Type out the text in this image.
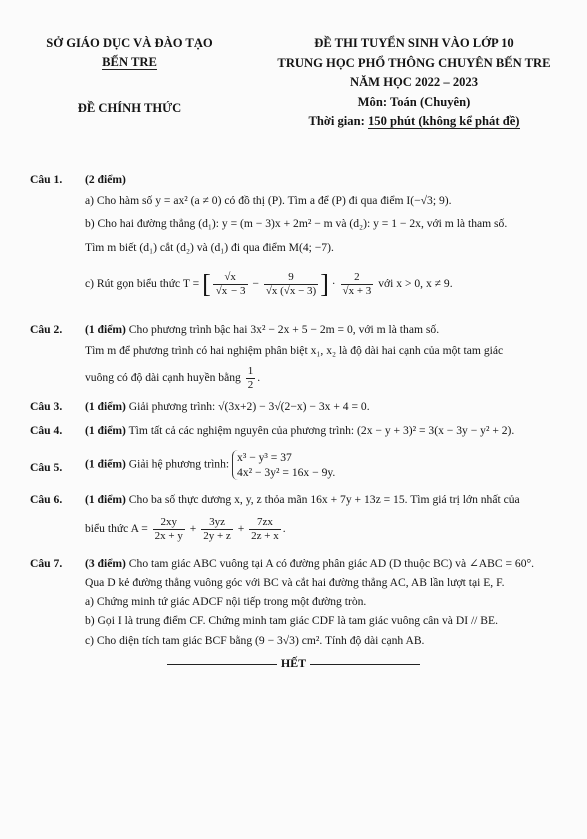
SỞ GIÁO DỤC VÀ ĐÀO TẠO
BẾN TRE
ĐỀ CHÍNH THỨC
ĐỀ THI TUYỂN SINH VÀO LỚP 10
TRUNG HỌC PHỔ THÔNG CHUYÊN BẾN TRE
NĂM HỌC 2022 – 2023
Môn: Toán (Chuyên)
Thời gian: 150 phút (không kể phát đề)
Câu 1. (2 điểm)
a) Cho hàm số y = ax² (a ≠ 0) có đồ thị (P). Tìm a để (P) đi qua điểm I(−√3; 9).
b) Cho hai đường thẳng (d₁): y = (m − 3)x + 2m² − m và (d₂): y = 1 − 2x, với m là tham số.
Tìm m biết (d₁) cắt (d₂) và (d₁) đi qua điểm M(4; −7).
c) Rút gọn biểu thức T = [ $\frac{√x}{√x - 3} - \frac{9}{√x (√x - 3)}$ ] · $\frac{2}{√x + 3}$ với x > 0, x ≠ 9.
Câu 2. (1 điểm) Cho phương trình bậc hai 3x² − 2x + 5 − 2m = 0, với m là tham số.
Tìm m để phương trình có hai nghiệm phân biệt x₁, x₂ là độ dài hai cạnh của một tam giác
vuông có độ dài cạnh huyền bằng $\frac{1}{2}$ .
Câu 3. (1 điểm) Giải phương trình: √(3x+2) − 3√(2−x) − 3x + 4 = 0.
Câu 4. (1 điểm) Tìm tất cả các nghiệm nguyên của phương trình: (2x − y + 3)² = 3(x − 3y − y² + 2).
Câu 5. (1 điểm) Giải hệ phương trình:
x³ − y³ = 37
4x² − 3y² = 16x − 9y.
Câu 6. (1 điểm) Cho ba số thực dương x, y, z thỏa mãn 16x + 7y + 13z = 15. Tìm giá trị lớn nhất của
biểu thức $A = \frac{2xy}{2x + y} + \frac{3yz}{2y + z} + \frac{7zx}{2z + x}$ .
Câu 7. (3 điểm) Cho tam giác ABC vuông tại A có đường phân giác AD (D thuộc BC) và ∠ABC = 60°.
Qua D kẻ đường thẳng vuông góc với BC và cắt hai đường thẳng AC, AB lần lượt tại E, F.
a) Chứng minh tứ giác ADCF nội tiếp trong một đường tròn.
b) Gọi I là trung điểm CF. Chứng minh tam giác CDF là tam giác vuông cân và DI // BE.
c) Cho diện tích tam giác BCF bằng (9 − 3√3) cm². Tính độ dài cạnh AB.
HẾT
